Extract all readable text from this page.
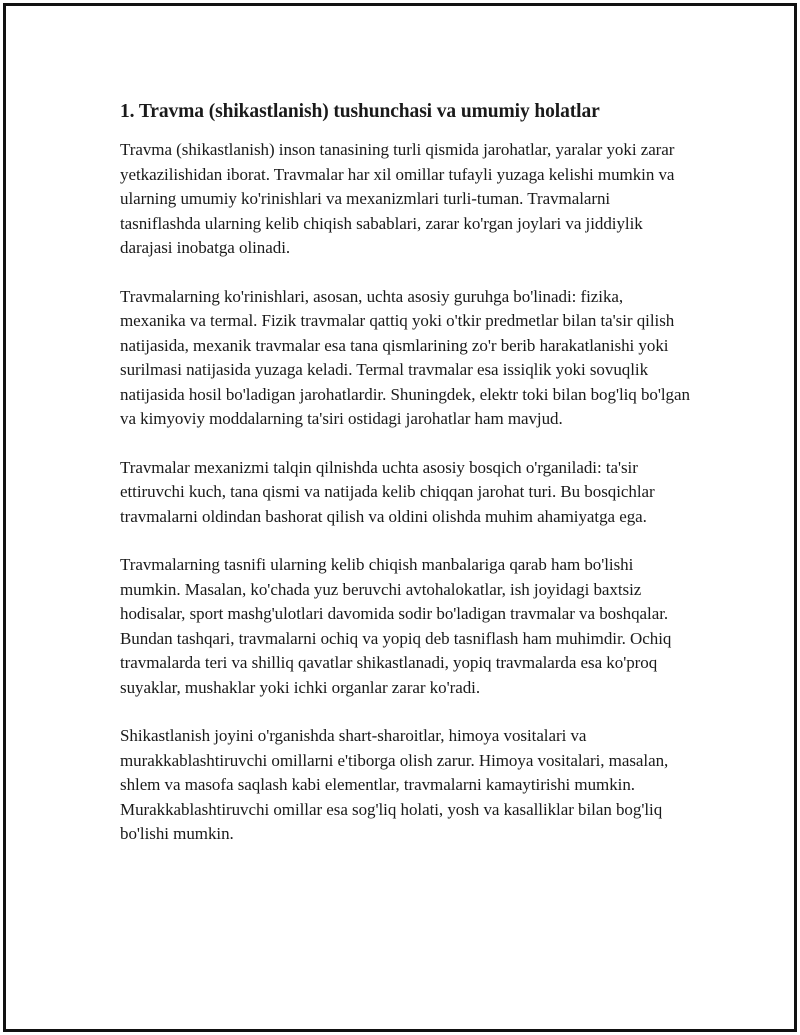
1. Travma (shikastlanish) tushunchasi va umumiy holatlar

Travma (shikastlanish) inson tanasining turli qismida jarohatlar, yaralar yoki zarar yetkazilishidan iborat. Travmalar har xil omillar tufayli yuzaga kelishi mumkin va ularning umumiy ko'rinishlari va mexanizmlari turli-tuman. Travmalarni tasniflashda ularning kelib chiqish sabablari, zarar ko'rgan joylari va jiddiylik darajasi inobatga olinadi.

Travmalarning ko'rinishlari, asosan, uchta asosiy guruhga bo'linadi: fizika, mexanika va termal. Fizik travmalar qattiq yoki o'tkir predmetlar bilan ta'sir qilish natijasida, mexanik travmalar esa tana qismlarining zo'r berib harakatlanishi yoki surilmasi natijasida yuzaga keladi. Termal travmalar esa issiqlik yoki sovuqlik natijasida hosil bo'ladigan jarohatlardir. Shuningdek, elektr toki bilan bog'liq bo'lgan va kimyoviy moddalarning ta'siri ostidagi jarohatlar ham mavjud.

Travmalar mexanizmi talqin qilnishda uchta asosiy bosqich o'rganiladi: ta'sir ettiruvchi kuch, tana qismi va natijada kelib chiqqan jarohat turi. Bu bosqichlar travmalarni oldindan bashorat qilish va oldini olishda muhim ahamiyatga ega.

Travmalarning tasnifi ularning kelib chiqish manbalariga qarab ham bo'lishi mumkin. Masalan, ko'chada yuz beruvchi avtohalokatlar, ish joyidagi baxtsiz hodisalar, sport mashg'ulotlari davomida sodir bo'ladigan travmalar va boshqalar. Bundan tashqari, travmalarni ochiq va yopiq deb tasniflash ham muhimdir. Ochiq travmalarda teri va shilliq qavatlar shikastlanadi, yopiq travmalarda esa ko'proq suyaklar, mushaklar yoki ichki organlar zarar ko'radi.

Shikastlanish joyini o'rganishda shart-sharoitlar, himoya vositalari va murakkablashtiruvchi omillarni e'tiborga olish zarur. Himoya vositalari, masalan, shlem va masofa saqlash kabi elementlar, travmalarni kamaytirishi mumkin. Murakkablashtiruvchi omillar esa sog'liq holati, yosh va kasalliklar bilan bog'liq bo'lishi mumkin.
